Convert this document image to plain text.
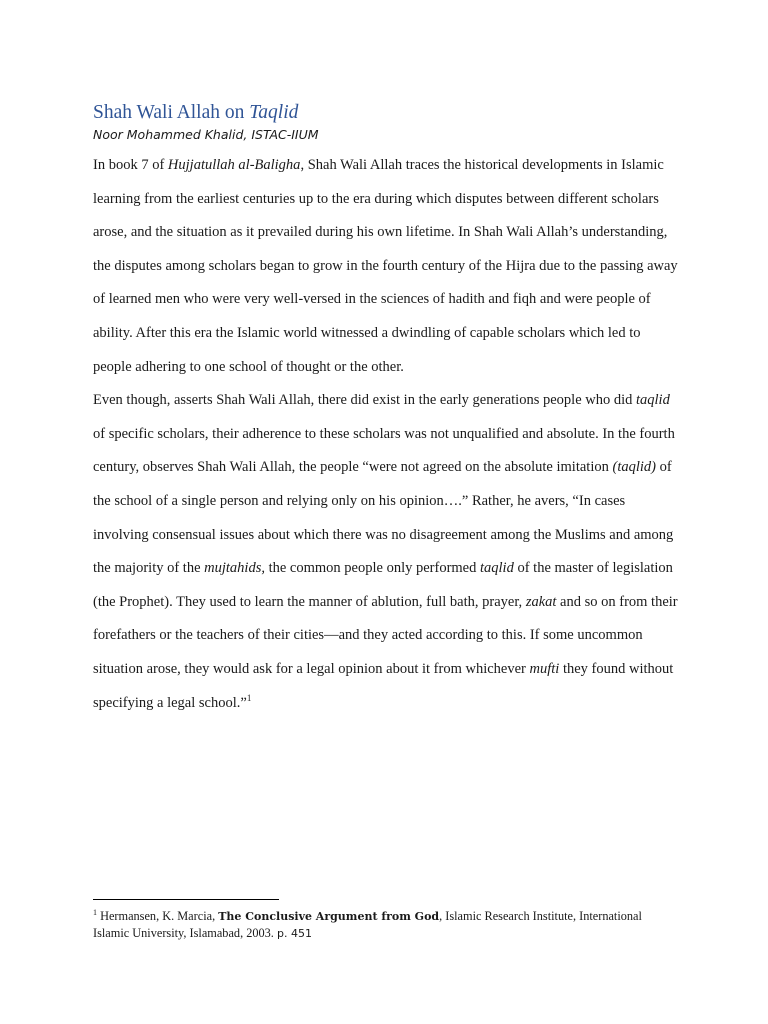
Shah Wali Allah on Taqlid

Noor Mohammed Khalid, ISTAC-IIUM

In book 7 of Hujjatullah al-Baligha, Shah Wali Allah traces the historical developments in Islamic learning from the earliest centuries up to the era during which disputes between different scholars arose, and the situation as it prevailed during his own lifetime. In Shah Wali Allah’s understanding, the disputes among scholars began to grow in the fourth century of the Hijra due to the passing away of learned men who were very well-versed in the sciences of hadith and fiqh and were people of ability. After this era the Islamic world witnessed a dwindling of capable scholars which led to people adhering to one school of thought or the other.

Even though, asserts Shah Wali Allah, there did exist in the early generations people who did taqlid of specific scholars, their adherence to these scholars was not unqualified and absolute. In the fourth century, observes Shah Wali Allah, the people “were not agreed on the absolute imitation (taqlid) of the school of a single person and relying only on his opinion….” Rather, he avers, “In cases involving consensual issues about which there was no disagreement among the Muslims and among the majority of the mujtahids, the common people only performed taqlid of the master of legislation (the Prophet). They used to learn the manner of ablution, full bath, prayer, zakat and so on from their forefathers or the teachers of their cities—and they acted according to this. If some uncommon situation arose, they would ask for a legal opinion about it from whichever mufti they found without specifying a legal school.”$^1$

$^1$ Hermansen, K. Marcia, The Conclusive Argument from God, Islamic Research Institute, International Islamic University, Islamabad, 2003. p. 451
